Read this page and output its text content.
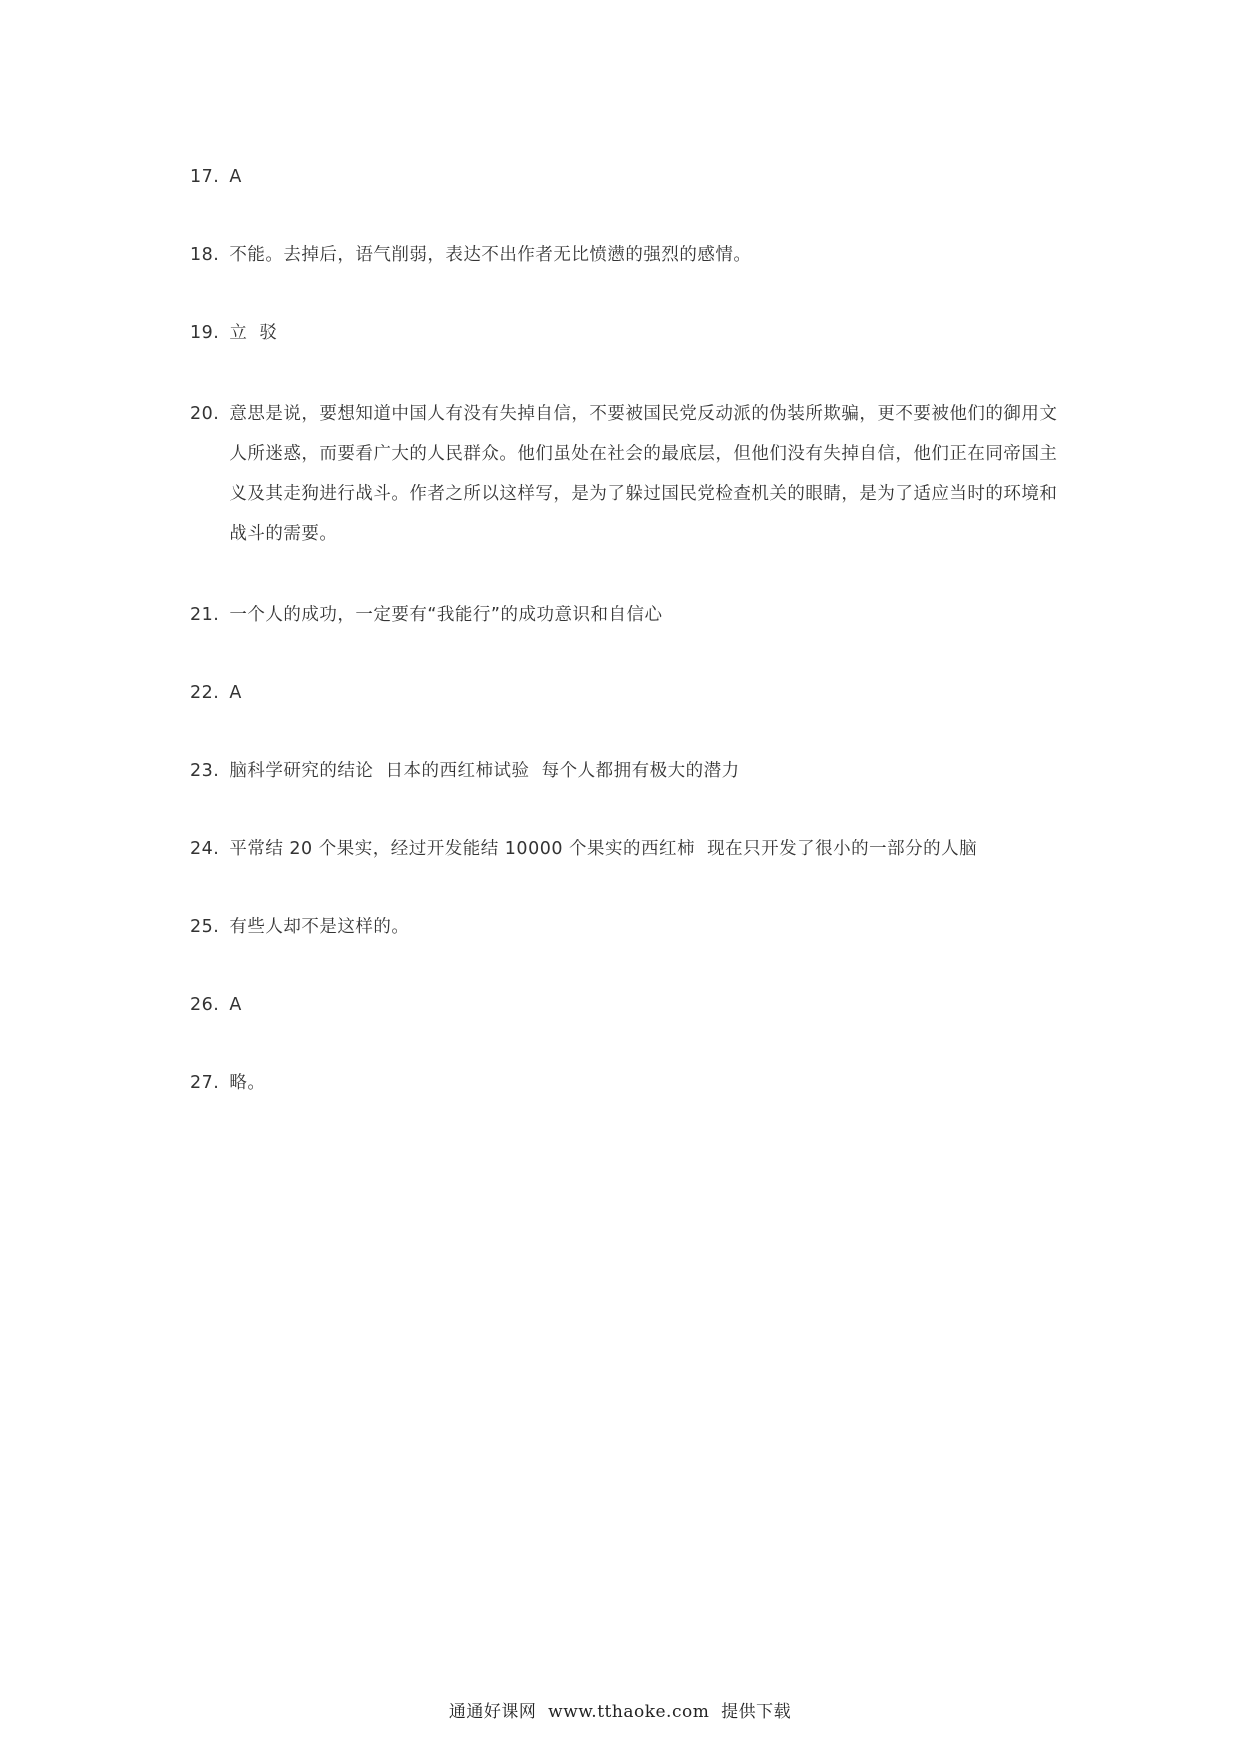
17. A
18. 不能。去掉后，语气削弱，表达不出作者无比愤懑的强烈的感情。
19. 立 驳
20. 意思是说，要想知道中国人有没有失掉自信，不要被国民党反动派的伪装所欺骗，更不要被他们的御用文人所迷惑，而要看广大的人民群众。他们虽处在社会的最底层，但他们没有失掉自信，他们正在同帝国主义及其走狗进行战斗。作者之所以这样写，是为了躲过国民党检查机关的眼睛，是为了适应当时的环境和战斗的需要。
21. 一个人的成功，一定要有“我能行”的成功意识和自信心
22. A
23. 脑科学研究的结论  日本的西红柿试验  每个人都拥有极大的潜力
24. 平常结 20 个果实，经过开发能结 10000 个果实的西红柿  现在只开发了很小的一部分的人脑
25. 有些人却不是这样的。
26. A
27. 略。
通通好课网  www.tthaoke.com  提供下载
